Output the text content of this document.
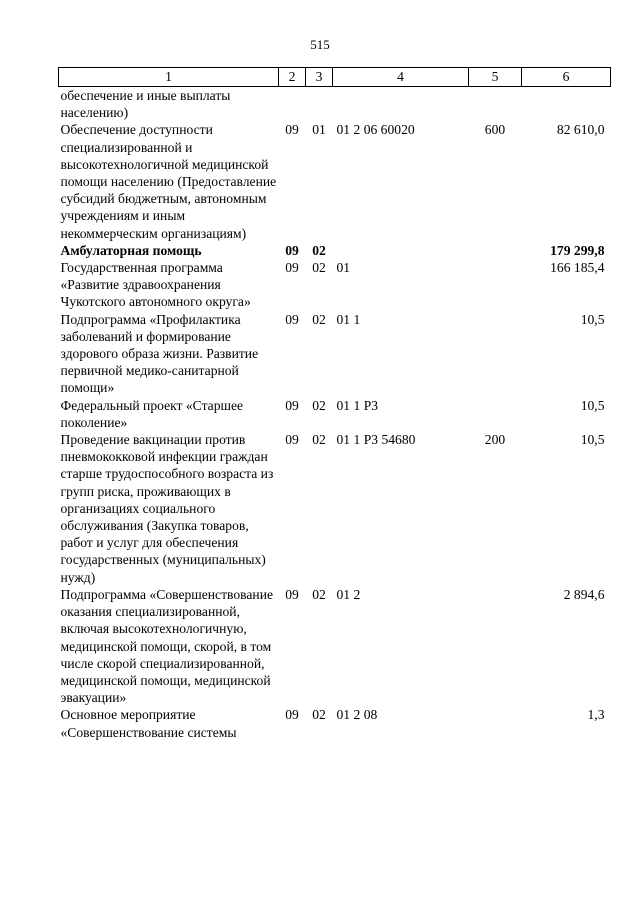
515
1	2	3	4	5	6
обеспечение и иные выплаты населению)					
Обеспечение доступности специализированной и высокотехнологичной медицинской помощи населению (Предоставление субсидий бюджетным, автономным учреждениям и иным некоммерческим организациям)	09	01	01 2 06 60020	600	82 610,0
Амбулаторная помощь	09	02			179 299,8
Государственная программа «Развитие здравоохранения Чукотского автономного округа»	09	02	01		166 185,4
Подпрограмма «Профилактика заболеваний и формирование здорового образа жизни. Развитие первичной медико-санитарной помощи»	09	02	01 1		10,5
Федеральный проект «Старшее поколение»	09	02	01 1 P3		10,5
Проведение вакцинации против пневмококковой инфекции граждан старше трудоспособного возраста из групп риска, проживающих в организациях социального обслуживания (Закупка товаров, работ и услуг для обеспечения государственных (муниципальных) нужд)	09	02	01 1 P3 54680	200	10,5
Подпрограмма «Совершенствование оказания специализированной, включая высокотехнологичную, медицинской помощи, скорой, в том числе скорой специализированной, медицинской помощи, медицинской эвакуации»	09	02	01 2		2 894,6
Основное мероприятие «Совершенствование системы	09	02	01 2 08		1,3
